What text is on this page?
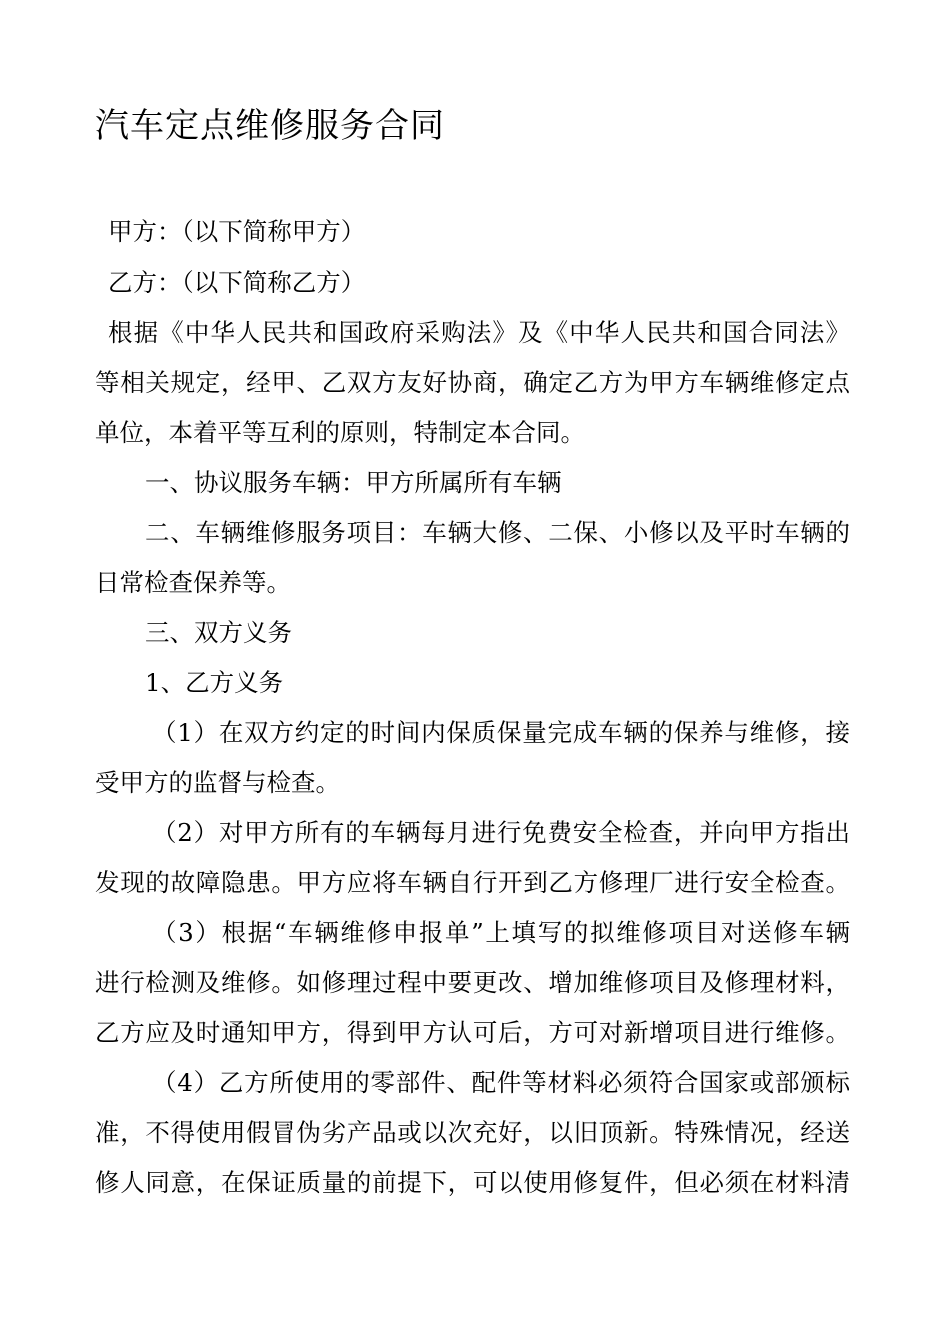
汽车定点维修服务合同
甲方：（以下简称甲方）
乙方：（以下简称乙方）
根据《中华人民共和国政府采购法》及《中华人民共和国合同法》
等相关规定，经甲、乙双方友好协商，确定乙方为甲方车辆维修定点
单位，本着平等互利的原则，特制定本合同。
一、协议服务车辆：甲方所属所有车辆
二、车辆维修服务项目：车辆大修、二保、小修以及平时车辆的
日常检查保养等。
三、双方义务
1、乙方义务
（1）在双方约定的时间内保质保量完成车辆的保养与维修，接
受甲方的监督与检查。
（2）对甲方所有的车辆每月进行免费安全检查，并向甲方指出
发现的故障隐患。甲方应将车辆自行开到乙方修理厂进行安全检查。
（3）根据“车辆维修申报单”上填写的拟维修项目对送修车辆
进行检测及维修。如修理过程中要更改、增加维修项目及修理材料，
乙方应及时通知甲方，得到甲方认可后，方可对新增项目进行维修。
（4）乙方所使用的零部件、配件等材料必须符合国家或部颁标
准，不得使用假冒伪劣产品或以次充好，以旧顶新。特殊情况，经送
修人同意，在保证质量的前提下，可以使用修复件，但必须在材料清
